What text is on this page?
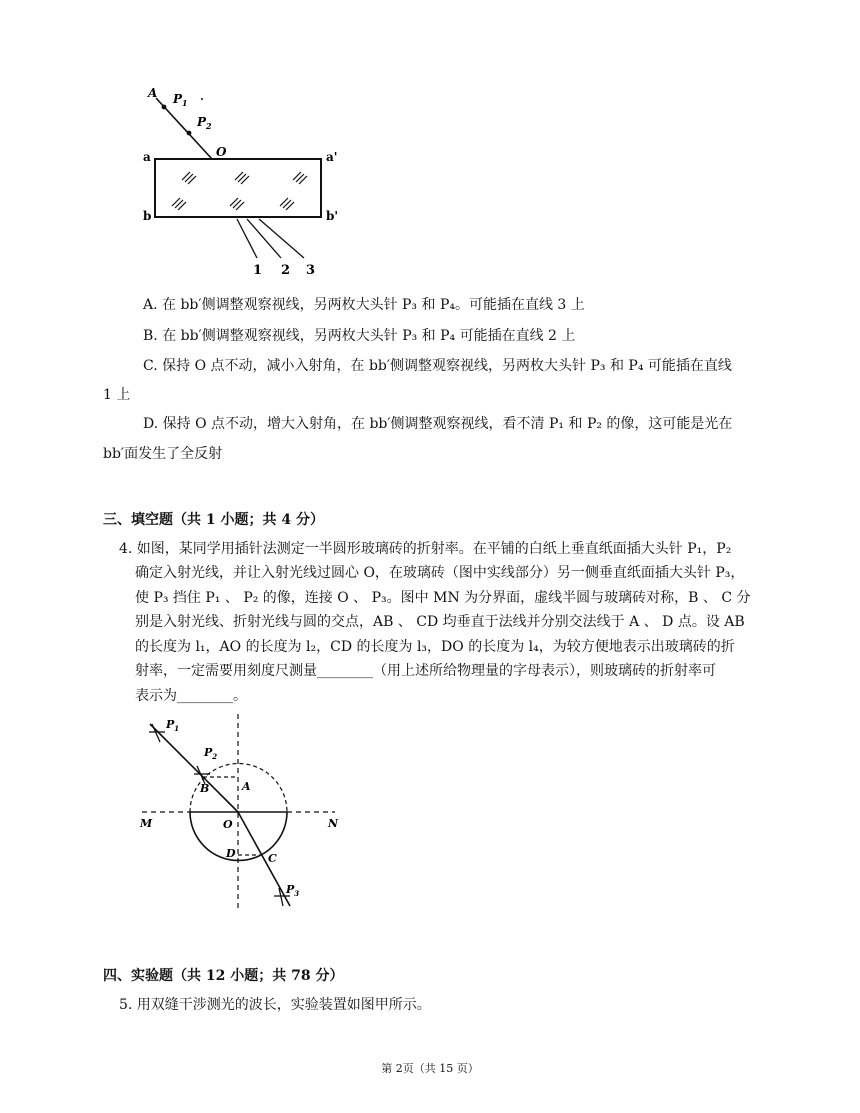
A $P_1$
$P_2$
O
a	a'
b	b'
1 2 3
A. 在 bb′侧调整观察视线，另两枚大头针 P₃ 和 P₄。可能插在直线 3 上
B. 在 bb′侧调整观察视线，另两枚大头针 P₃ 和 P₄ 可能插在直线 2 上
C. 保持 O 点不动，减小入射角，在 bb′侧调整观察视线，另两枚大头针 P₃ 和 P₄ 可能插在直线
1 上
D. 保持 O 点不动，增大入射角，在 bb′侧调整观察视线，看不清 P₁ 和 P₂ 的像，这可能是光在
bb′面发生了全反射
三、填空题（共 1 小题；共 4 分）
4. 如图，某同学用插针法测定一半圆形玻璃砖的折射率。在平铺的白纸上垂直纸面插大头针 P₁，P₂
确定入射光线，并让入射光线过圆心 O，在玻璃砖（图中实线部分）另一侧垂直纸面插大头针 P₃，
使 P₃ 挡住 P₁ 、 P₂ 的像，连接 O 、 P₃。图中 MN 为分界面，虚线半圆与玻璃砖对称，B 、 C 分
别是入射光线、折射光线与圆的交点，AB 、 CD 均垂直于法线并分别交法线于 A 、 D 点。设 AB
的长度为 l₁，AO 的长度为 l₂，CD 的长度为 l₃，DO 的长度为 l₄，为较方便地表示出玻璃砖的折
射率，一定需要用刻度尺测量________（用上述所给物理量的字母表示），则玻璃砖的折射率可
表示为________。
$P_1$
$P_2$
$P_3$
A
B
C
D
M	N
O
四、实验题（共 12 小题；共 78 分）
5. 用双缝干涉测光的波长，实验装置如图甲所示。
第 2页（共 15 页）
